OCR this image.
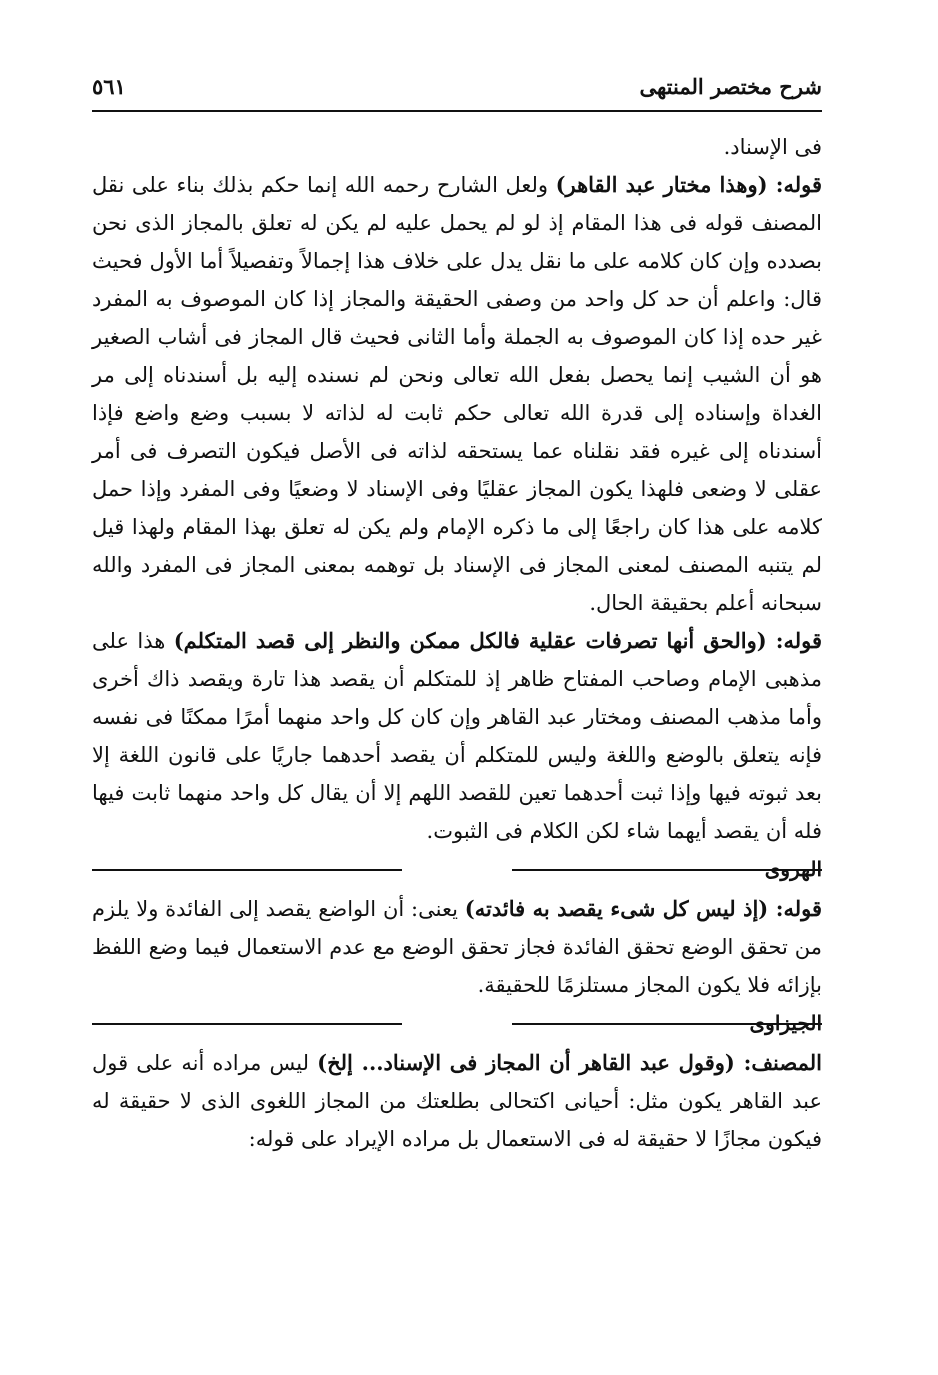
شرح مختصر المنتهى
٥٦١

فى الإسناد.

قوله: (وهذا مختار عبد القاهر) ولعل الشارح رحمه الله إنما حكم بذلك بناء على نقل المصنف قوله فى هذا المقام إذ لو لم يحمل عليه لم يكن له تعلق بالمجاز الذى نحن بصدده وإن كان كلامه على ما نقل يدل على خلاف هذا إجمالاً وتفصيلاً أما الأول فحيث قال: واعلم أن حد كل واحد من وصفى الحقيقة والمجاز إذا كان الموصوف به المفرد غير حده إذا كان الموصوف به الجملة وأما الثانى فحيث قال المجاز فى أشاب الصغير هو أن الشيب إنما يحصل بفعل الله تعالى ونحن لم نسنده إليه بل أسندناه إلى مر الغداة وإسناده إلى قدرة الله تعالى حكم ثابت له لذاته لا بسبب وضع واضع فإذا أسندناه إلى غيره فقد نقلناه عما يستحقه لذاته فى الأصل فيكون التصرف فى أمر عقلى لا وضعى فلهذا يكون المجاز عقليًا وفى الإسناد لا وضعيًا وفى المفرد وإذا حمل كلامه على هذا كان راجعًا إلى ما ذكره الإمام ولم يكن له تعلق بهذا المقام ولهذا قيل لم يتنبه المصنف لمعنى المجاز فى الإسناد بل توهمه بمعنى المجاز فى المفرد والله سبحانه أعلم بحقيقة الحال.

قوله: (والحق أنها تصرفات عقلية فالكل ممكن والنظر إلى قصد المتكلم) هذا على مذهبى الإمام وصاحب المفتاح ظاهر إذ للمتكلم أن يقصد هذا تارة ويقصد ذاك أخرى وأما مذهب المصنف ومختار عبد القاهر وإن كان كل واحد منهما أمرًا ممكنًا فى نفسه فإنه يتعلق بالوضع واللغة وليس للمتكلم أن يقصد أحدهما جاريًا على قانون اللغة إلا بعد ثبوته فيها وإذا ثبت أحدهما تعين للقصد اللهم إلا أن يقال كل واحد منهما ثابت فيها فله أن يقصد أيهما شاء لكن الكلام فى الثبوت.

الهروى

قوله: (إذ ليس كل شىء يقصد به فائدته) يعنى: أن الواضع يقصد إلى الفائدة ولا يلزم من تحقق الوضع تحقق الفائدة فجاز تحقق الوضع مع عدم الاستعمال فيما وضع اللفظ بإزائه فلا يكون المجاز مستلزمًا للحقيقة.

الجيزاوى

المصنف: (وقول عبد القاهر أن المجاز فى الإسناد... إلخ) ليس مراده أنه على قول عبد القاهر يكون مثل: أحيانى اكتحالى بطلعتك من المجاز اللغوى الذى لا حقيقة له فيكون مجازًا لا حقيقة له فى الاستعمال بل مراده الإيراد على قوله:
